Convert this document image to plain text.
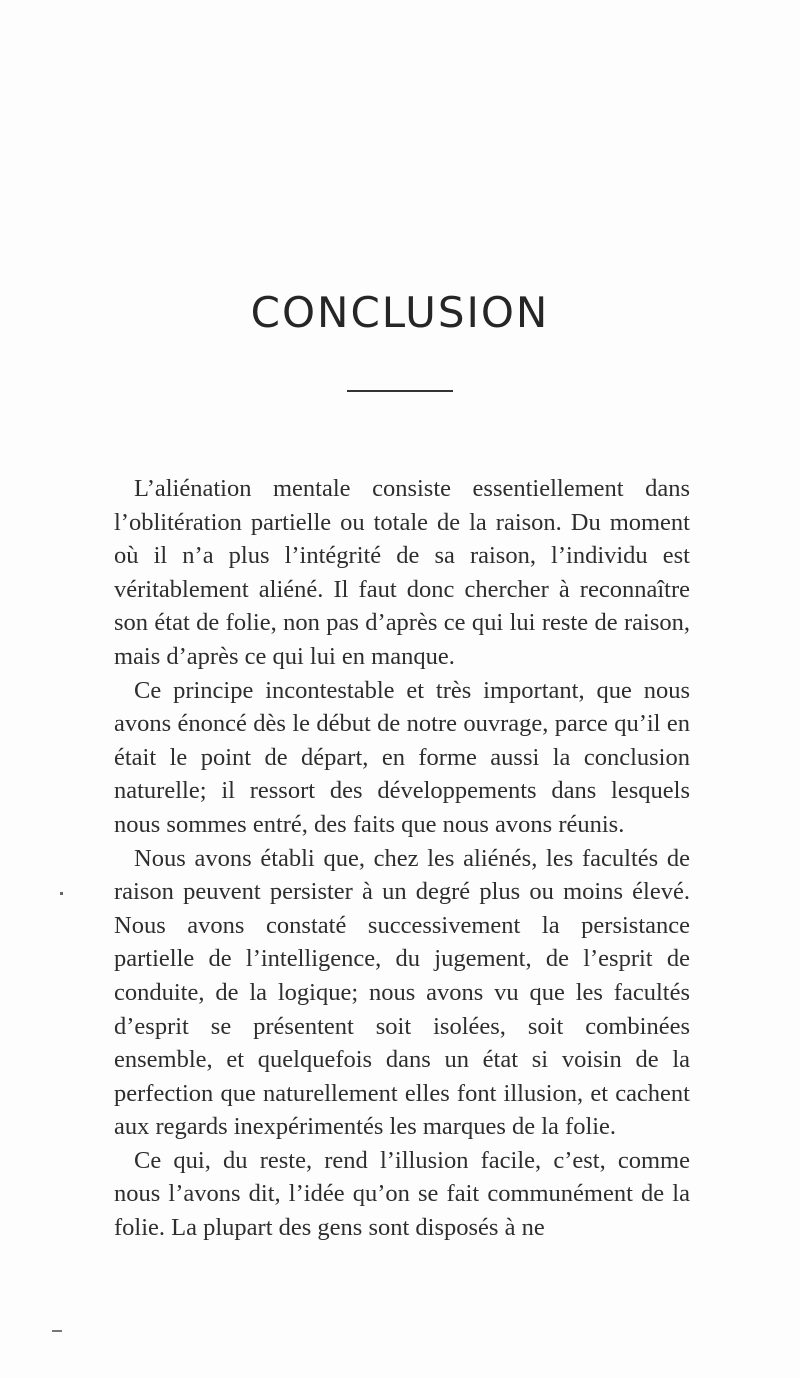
CONCLUSION

L’aliénation mentale consiste essentiellement dans l’oblitération partielle ou totale de la raison. Du moment où il n’a plus l’intégrité de sa raison, l’individu est véritablement aliéné. Il faut donc chercher à reconnaître son état de folie, non pas d’après ce qui lui reste de raison, mais d’après ce qui lui en manque.

Ce principe incontestable et très important, que nous avons énoncé dès le début de notre ouvrage, parce qu’il en était le point de départ, en forme aussi la conclusion naturelle; il ressort des développements dans lesquels nous sommes entré, des faits que nous avons réunis.

Nous avons établi que, chez les aliénés, les facultés de raison peuvent persister à un degré plus ou moins élevé. Nous avons constaté successivement la persistance partielle de l’intelligence, du jugement, de l’esprit de conduite, de la logique; nous avons vu que les facultés d’esprit se présentent soit isolées, soit combinées ensemble, et quelquefois dans un état si voisin de la perfection que naturellement elles font illusion, et cachent aux regards inexpérimentés les marques de la folie.

Ce qui, du reste, rend l’illusion facile, c’est, comme nous l’avons dit, l’idée qu’on se fait communément de la folie. La plupart des gens sont disposés à ne
